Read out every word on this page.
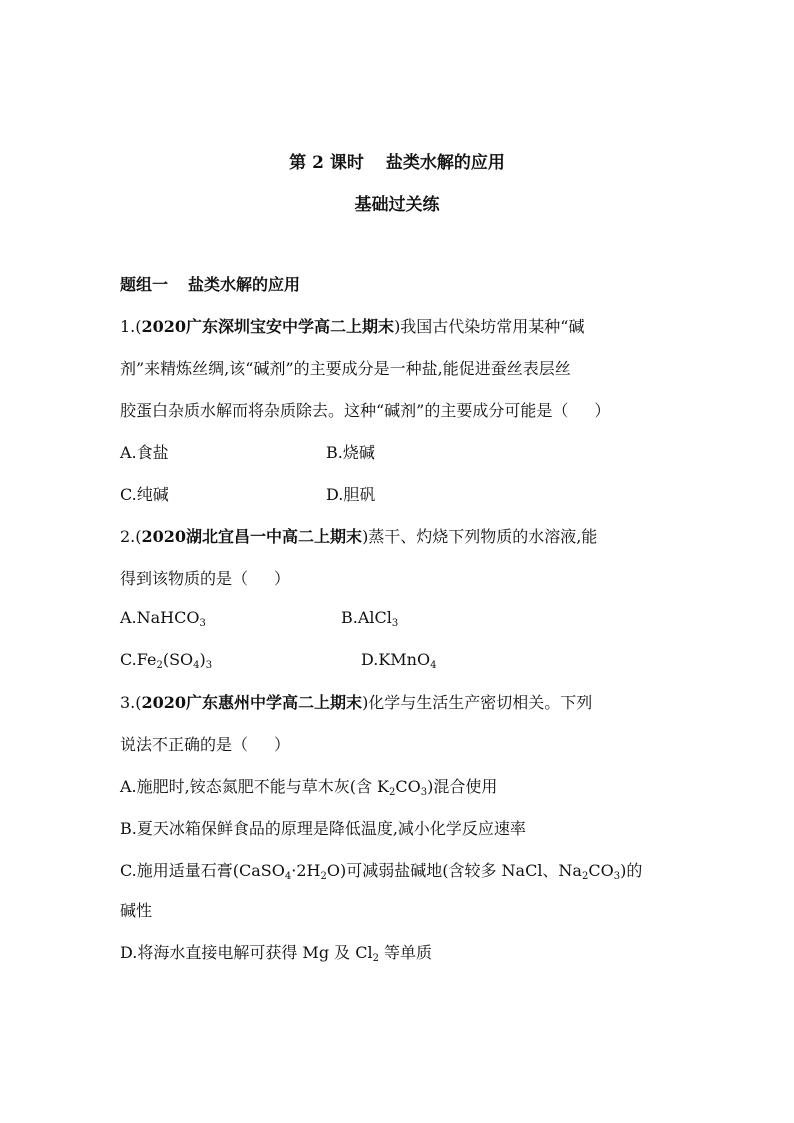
第 2 课时 盐类水解的应用
基础过关练
题组一 盐类水解的应用
1.(2020广东深圳宝安中学高二上期末)我国古代染坊常用某种“碱
剂”来精炼丝绸,该“碱剂”的主要成分是一种盐,能促进蚕丝表层丝
胶蛋白杂质水解而将杂质除去。这种“碱剂”的主要成分可能是（ ）
A.食盐	B.烧碱
C.纯碱	D.胆矾
2.(2020湖北宜昌一中高二上期末)蒸干、灼烧下列物质的水溶液,能
得到该物质的是（ ）
A.NaHCO$_3$	B.AlCl$_3$
$C.Fe_2(SO_4)_3$	D.KMnO$_4$
3.(2020广东惠州中学高二上期末)化学与生活生产密切相关。下列
说法不正确的是（ ）
A.施肥时,铵态氮肥不能与草木灰(含 $K_2CO_3$)混合使用
B.夏天冰箱保鲜食品的原理是降低温度,减小化学反应速率
C.施用适量石膏$(CaSO_4\cdot 2H_2O)$可减弱盐碱地(含较多 NaCl、$Na_2CO_3$)的
碱性
D.将海水直接电解可获得 Mg 及 $Cl_2$ 等单质
